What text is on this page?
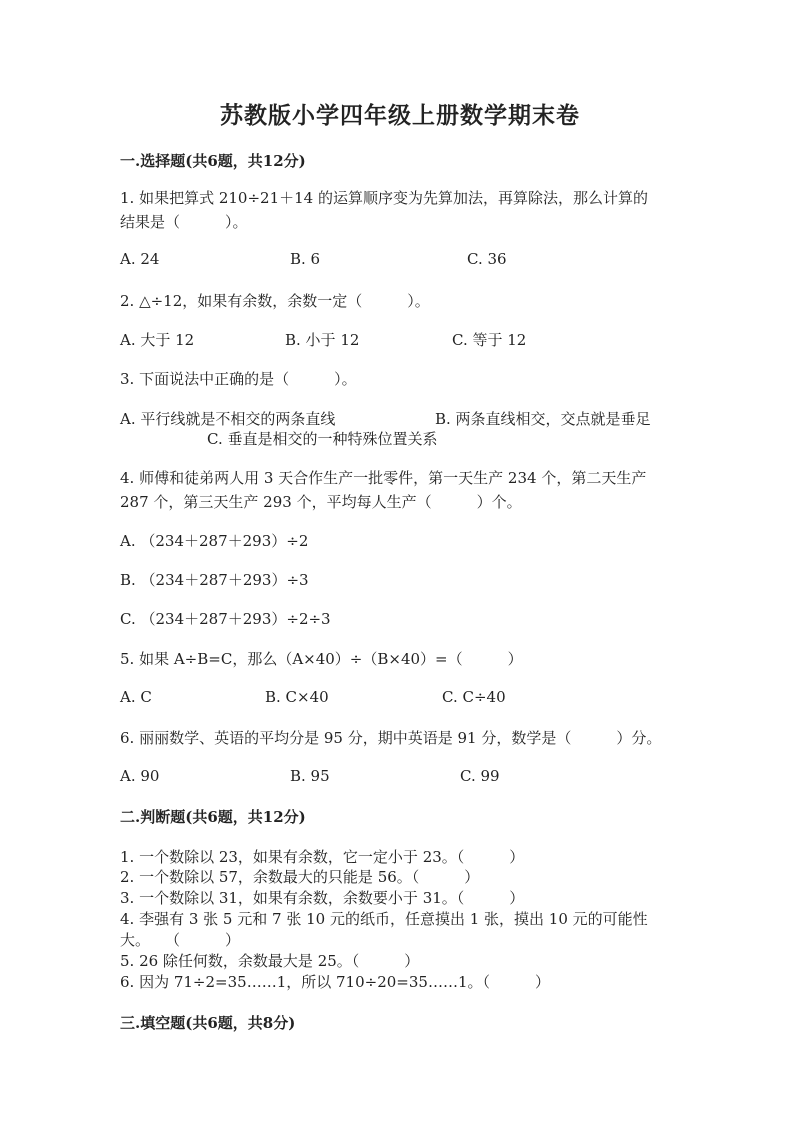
苏教版小学四年级上册数学期末卷
一.选择题(共6题，共12分)
1. 如果把算式 210÷21＋14 的运算顺序变为先算加法，再算除法，那么计算的
结果是（　　　）。
A. 24	B. 6	C. 36
2. △÷12，如果有余数，余数一定（　　　）。
A. 大于 12	B. 小于 12	C. 等于 12
3. 下面说法中正确的是（　　　）。
A. 平行线就是不相交的两条直线	B. 两条直线相交，交点就是垂足
C. 垂直是相交的一种特殊位置关系
4. 师傅和徒弟两人用 3 天合作生产一批零件，第一天生产 234 个，第二天生产
287 个，第三天生产 293 个，平均每人生产（　　　）个。
A. （234＋287＋293）÷2
B. （234＋287＋293）÷3
C. （234＋287＋293）÷2÷3
5. 如果 A÷B=C，那么（A×40）÷（B×40）=（　　　）
A. C	B. C×40	C. C÷40
6. 丽丽数学、英语的平均分是 95 分，期中英语是 91 分，数学是（　　　）分。
A. 90	B. 95	C. 99
二.判断题(共6题，共12分)
1. 一个数除以 23，如果有余数，它一定小于 23。（　　　）
2. 一个数除以 57，余数最大的只能是 56。（　　　）
3. 一个数除以 31，如果有余数，余数要小于 31。（　　　）
4. 李强有 3 张 5 元和 7 张 10 元的纸币，任意摸出 1 张，摸出 10 元的可能性
大。　　（　　　）
5. 26 除任何数，余数最大是 25。（　　　）
6. 因为 71÷2=35……1，所以 710÷20=35……1。（　　　）
三.填空题(共6题，共8分)
